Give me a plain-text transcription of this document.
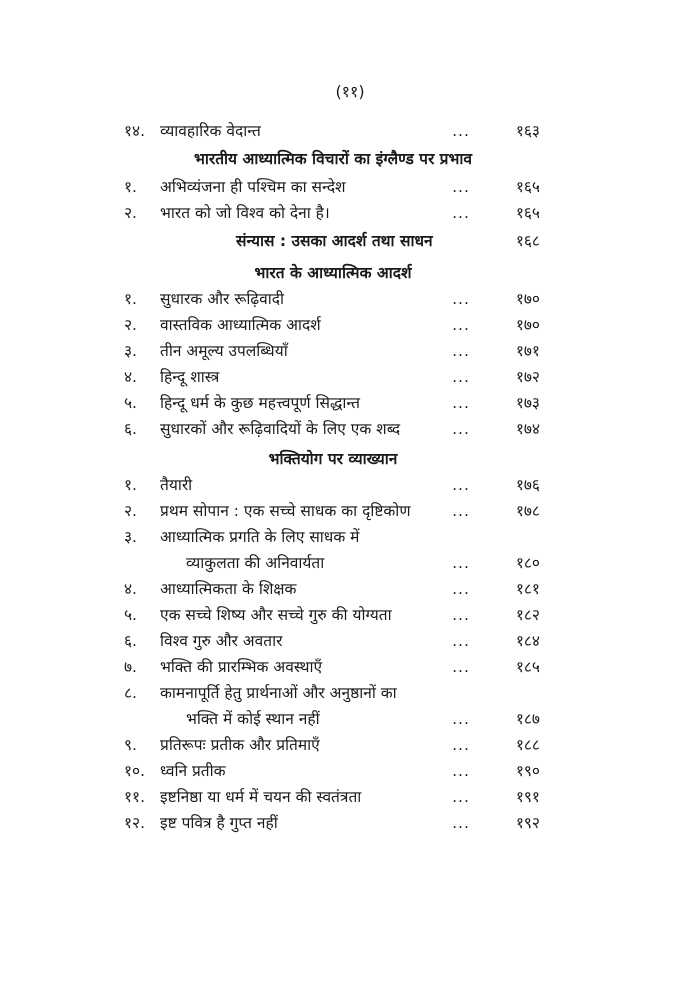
(११)
१४. व्यावहारिक वेदान्त	...	१६३
भारतीय आध्यात्मिक विचारों का इंग्लैण्ड पर प्रभाव
१.	अभिव्यंजना ही पश्चिम का सन्देश	...	१६५
२.	भारत को जो विश्व को देना है।	...	१६५
संन्यास : उसका आदर्श तथा साधन	१६८
भारत के आध्यात्मिक आदर्श
१.	सुधारक और रूढ़िवादी	...	१७०
२.	वास्तविक आध्यात्मिक आदर्श	...	१७०
३.	तीन अमूल्य उपलब्धियाँ	...	१७१
४.	हिन्दू शास्त्र	...	१७२
५.	हिन्दू धर्म के कुछ महत्त्वपूर्ण सिद्धान्त	...	१७३
६.	सुधारकों और रूढ़िवादियों के लिए एक शब्द	...	१७४
भक्तियोग पर व्याख्यान
१.	तैयारी	...	१७६
२.	प्रथम सोपान : एक सच्चे साधक का दृष्टिकोण	...	१७८
३.	आध्यात्मिक प्रगति के लिए साधक में
व्याकुलता की अनिवार्यता	...	१८०
४.	आध्यात्मिकता के शिक्षक	...	१८१
५.	एक सच्चे शिष्य और सच्चे गुरु की योग्यता	...	१८२
६.	विश्व गुरु और अवतार	...	१८४
७.	भक्ति की प्रारम्भिक अवस्थाएँ	...	१८५
८.	कामनापूर्ति हेतु प्रार्थनाओं और अनुष्ठानों का
भक्ति में कोई स्थान नहीं	...	१८७
९.	प्रतिरूपः प्रतीक और प्रतिमाएँ	...	१८८
१०. ध्वनि प्रतीक	...	१९०
११. इष्टनिष्ठा या धर्म में चयन की स्वतंत्रता	...	१९१
१२. इष्ट पवित्र है गुप्त नहीं	...	१९२
